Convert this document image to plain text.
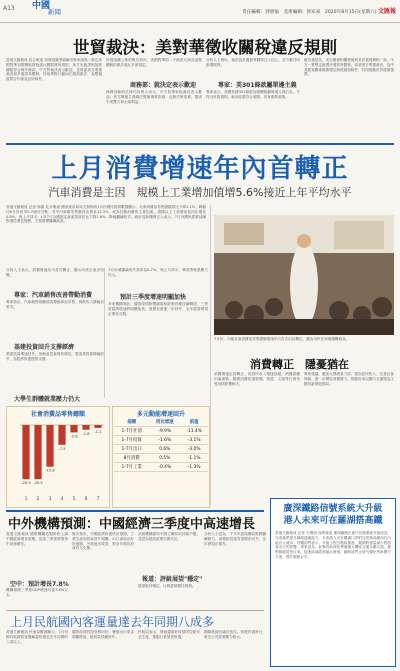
A13 中國
新聞	責任編輯：郭惠愉　美術編輯：郭家豪　2020年8月15日(星期六) 文匯報
世貿裁決：美對華徵收關稅違反規則
香港文匯報訊 綜合報道 世貿組織爭端解決專家組周二裁定美國對華加徵關稅措施違反國際貿易規則，美方未能證明加徵關稅符合例外條款。中方對裁決表示歡迎，並敦促美方尊重裁決和多邊貿易體制，採取實際行動糾正錯誤做法，為雙邊經貿合作創造良好條件。
世貿組織公佈的報告指出，美國對華約二千億美元商品加徵關稅的做法違反多項規定。
商務部：就決定表示歡迎
商務部條約法律司負責人表示，中方對專家組裁決表示歡迎。美方單邊主義做法既無事實依據，也無法律依據，損害中美雙方和全球利益。
分析人士指出，裁決為多邊貿易體制注入信心，各方應共同維護規則。
專家：美301條款屬單邊主義
專家表示，美國依據301條款加徵關稅屬單邊主義行為，不符合世貿規則，裁決結果符合預期，具有重要意義。
報告還認為，美方應使相關措施與其世貿義務相一致。中方一貫堅定維護多邊貿易體制，希望美方尊重裁決，為中美經貿關係健康穩定發展創造條件，共同推動世界經濟復甦。
上月消費增速年內首轉正
汽車消費是主因　規模上工業增加值增5.6%接近上年平均水平
香港文匯報訊 記者 海巖 北京報道 國家統計局周五發佈的7月份國民經濟數據顯示，社會消費品零售總額同比下降1.1%，降幅比6月份收窄0.7個百分點；其中汽車類零售額同比增長12.3%，成為拉動消費的主要因素。規模以上工業增加值同比增長4.8%，與上月持平；1至7月全國固定資產投資同比下降1.6%，降幅繼續收窄。統計局新聞發言人表示，7月份國民經濟延續恢復性增長態勢，主要指標繼續改善。
分析人士表示，消費增速年內首次轉正，顯示內需正逐步回暖。
專家：汽車銷售改善帶動消費
專家指出，汽車銷售明顯改善帶動商品零售，餐飲收入降幅亦收窄。
基建投資回升支撐經濟
基建投資增速回升，房地產投資保持增長，製造業投資降幅收窄，為經濟恢復提供支撐。
大學生群體就業壓力仍大
7月份城鎮調查失業率為5.7%，與上月持平，畢業季就業壓力仍大。
預計三季度增速明顯加快
多家機構預計，隨着疫情影響減弱和政策效應持續釋放，三季度經濟增速將明顯加快，消費有望進一步回升，全年經濟實現正增長可期。
7月份，內地社會消費品零售總額增速年內首次由負轉正。圖為市民在商場選購商品。
消費轉正　隱憂猶在
消費增速由負轉正，但居民收入增速放緩，消費意願仍偏謹慎。服務消費恢復較慢，旅遊、文娛等行業仍受疫情影響較大。
專家建議，應加大穩就業力度，提高居民收入，完善社會保障，進一步釋放消費潛力，推動形成以國內大循環為主體的新發展格局。
社會消費品零售總額
1
-20.5
2
-20.5
3
-15.8
4
-7.5
5
-2.8
6
-1.8
7
-1.1
多元動能增速回升
指標	同比增速	前值
1-7月社消	-9.9%	-11.4%
1-7月投資	-1.6%	-3.1%
1-7月出口	0.6%	-3.0%
8月消費	0.5%	-1.1%
1-7月工業	-0.4%	-1.3%
中外機構預測：中國經濟三季度中高速增長
香港文匯報訊 國際機構近期紛紛上調中國經濟增長預期，認為三季度將保持中高速增長。
空中：預計增長7.8%
機構預測三季度GDP增速可達7.8%左右。
報告指出，中國經濟恢復快於預期，工業生產和投資回升明顯，出口表現亦好於預期，外需逐步改善，對全年增長形成有力支撐。
評級機構維持中國主權信用評級不變，並認為財政政策空間充足。
報道：評級展望"穩定"
展望維持穩定，反映經濟韌性較強。
分析人士認為，下半年逆周期政策將繼續發力，消費和投資有望穩步回升，全年實現正增長。
上月民航國內客運量達去年同期八成多
香港文匯報訊 民航局數據顯示，7月份國內航線旅客運輸量恢復至去年同期的八成以上。
隨着疫情防控形勢向好，暑期出行需求明顯增加，航班量持續回升。
民航局表示，將統籌做好疫情防控和安全生產，推動行業加快恢復。
國際航線仍處於低位，恢復仍需時日，航空公司經營壓力較大。
廣深鐵路信號系統大升級　港人未來可在羅湖搭高鐵
香港文匯報訊 記者 方俊明 深圳報道 廣深鐵路正進行信號系統升級改造，完成後將提升線路通過能力，未來港人可在羅湖口岸附近搭乘高鐵前往內地各大城市。有關部門表示，升級工程分階段推進，期間將盡量減少對旅客出行的影響。專家認為，此舉有助深化粵港澳大灣區交通互聯互通，便利兩地居民往來，促進區域經濟融合發展。鐵路部門正研究優化列車開行方案，提升服務水平。
